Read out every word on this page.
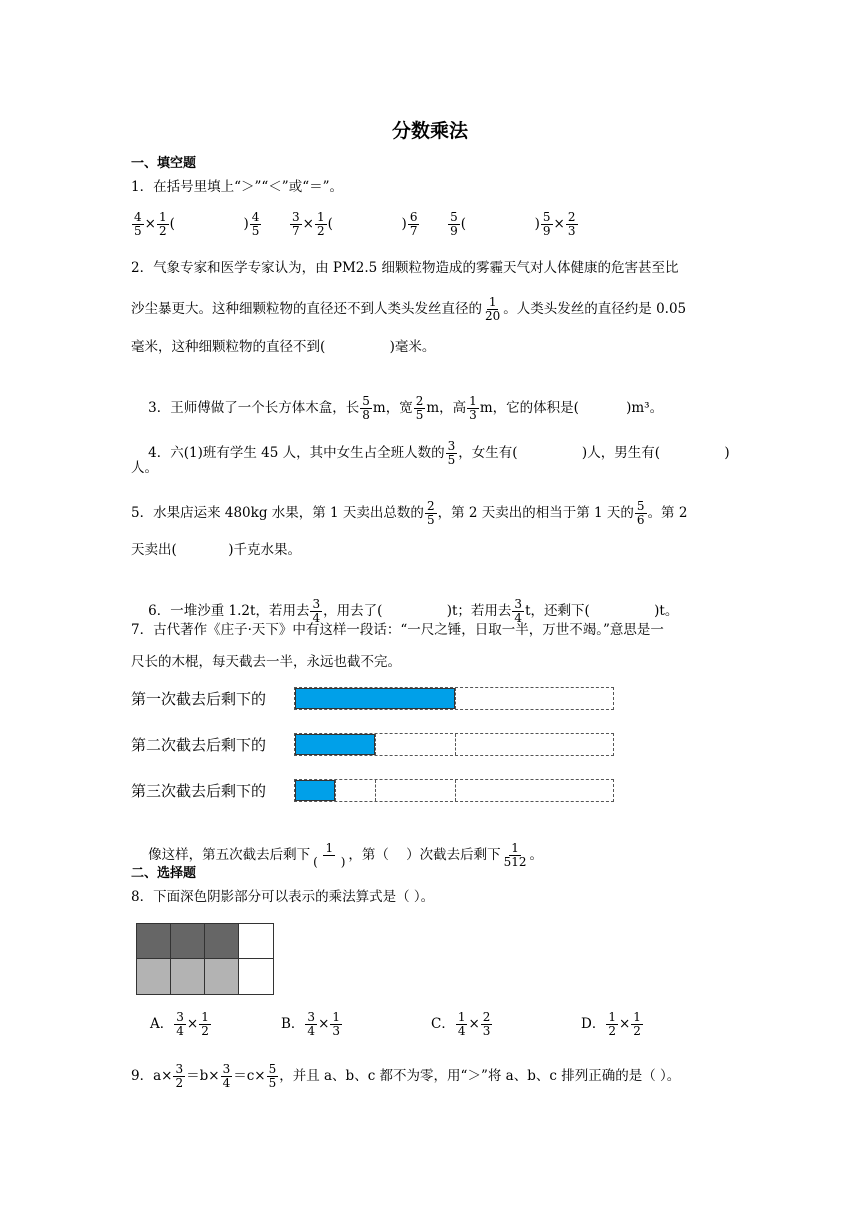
分数乘法
一、填空题
1．在括号里填上“＞”“＜”或“＝”。
$\frac{4}{5} \times \frac{1}{2}$ (                ) $\frac{4}{5}$
$\frac{3}{7} \times \frac{1}{2}$ (                ) $\frac{6}{7}$
$\frac{5}{9}$ (                ) $\frac{5}{9} \times \frac{2}{3}$
2．气象专家和医学专家认为，由 PM2.5 细颗粒物造成的雾霾天气对人体健康的危害甚至比
沙尘暴更大。这种细颗粒物的直径还不到人类头发丝直径的 $\frac{1}{20}$ 。人类头发丝的直径约是 0.05
毫米，这种细颗粒物的直径不到(               )毫米。

3．王师傅做了一个长方体木盒，长 $\frac{5}{8}$ m，宽 $\frac{2}{5}$ m，高 $\frac{1}{3}$ m，它的体积是(           )m³。

4．六(1)班有学生 45 人，其中女生占全班人数的 $\frac{3}{5}$ ，女生有(               )人，男生有(               )

人。
5．水果店运来 480kg 水果，第 1 天卖出总数的 $\frac{2}{5}$ ，第 2 天卖出的相当于第 1 天的 $\frac{5}{6}$ 。第 2
天卖出(            )千克水果。

6．一堆沙重 1.2t，若用去 $\frac{3}{4}$ ，用去了(               )t；若用去 $\frac{3}{4}$ t，还剩下(               )t。

7．古代著作《庄子·天下》中有这样一段话：“一尺之锤，日取一半，万世不竭。”意思是一
尺长的木棍，每天截去一半，永远也截不完。
第一次截去后剩下的
第二次截去后剩下的
第三次截去后剩下的

像这样，第五次截去后剩下 $\frac{1}{( )}$ ，第（    ）次截去后剩下 $\frac{1}{512}$ 。

二、选择题
8．下面深色阴影部分可以表示的乘法算式是（ ）。
A． $\frac{3}{4} \times \frac{1}{2}$	B． $\frac{3}{4} \times \frac{1}{3}$	C． $\frac{1}{4} \times \frac{2}{3}$	D． $\frac{1}{2} \times \frac{1}{2}$
9．$a\times \frac{3}{2} =b\times \frac{3}{4} =c\times \frac{5}{5}$ ，并且 a、b、c 都不为零，用“＞”将 a、b、c 排列正确的是（ ）。
